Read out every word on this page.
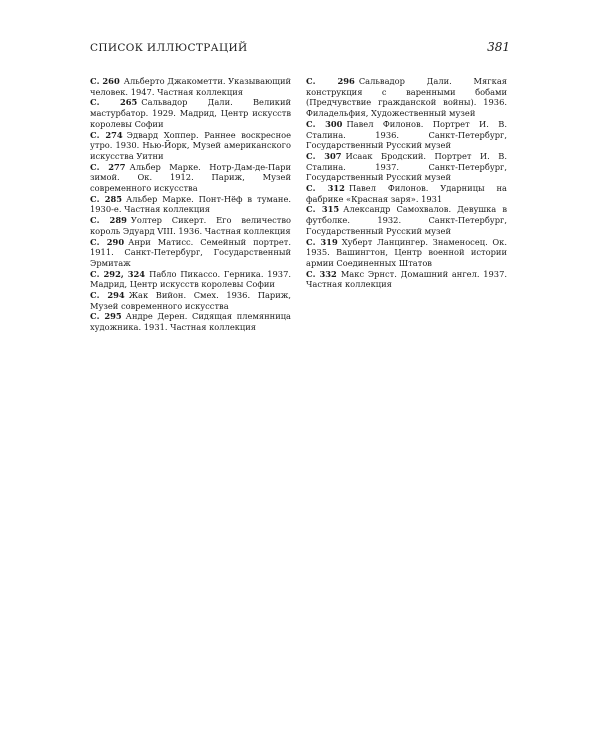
СПИСОК ИЛЛЮСТРАЦИЙ	381

С. 260 Альберто Джакометти. Указывающий человек. 1947. Частная коллекция

С. 265 Сальвадор Дали. Великий мастурбатор. 1929. Мадрид, Центр искусств королевы Софии

С. 274 Эдвард Хоппер. Раннее воскресное утро. 1930. Нью-Йорк, Музей американского искусства Уитни

С. 277 Альбер Марке. Нотр-Дам-де-Пари зимой. Ок. 1912. Париж, Музей современного искусства

С. 285 Альбер Марке. Понт-Нёф в тумане. 1930-е. Частная коллекция

С. 289 Уолтер Сикерт. Его величество король Эдуард VIII. 1936. Частная коллекция

С. 290 Анри Матисс. Семейный портрет. 1911. Санкт-Петербург, Государственный Эрмитаж

С. 292, 324 Пабло Пикассо. Герника. 1937. Мадрид, Центр искусств королевы Софии

С. 294 Жак Вийон. Смех. 1936. Париж, Музей современного искусства

С. 295 Андре Дерен. Сидящая племянница художника. 1931. Частная коллекция

С. 296 Сальвадор Дали. Мягкая конструкция с варенными бобами (Предчувствие гражданской войны). 1936. Филадельфия, Художественный музей

С. 300 Павел Филонов. Портрет И. В. Сталина. 1936. Санкт-Петербург, Государственный Русский музей

С. 307 Исаак Бродский. Портрет И. В. Сталина. 1937. Санкт-Петербург, Государственный Русский музей

С. 312 Павел Филонов. Ударницы на фабрике «Красная заря». 1931

С. 315 Александр Самохвалов. Девушка в футболке. 1932. Санкт-Петербург, Государственный Русский музей

С. 319 Хуберт Ланцингер. Знаменосец. Ок. 1935. Вашингтон, Центр военной истории армии Соединенных Штатов

С. 332 Макс Эрнст. Домашний ангел. 1937. Частная коллекция
